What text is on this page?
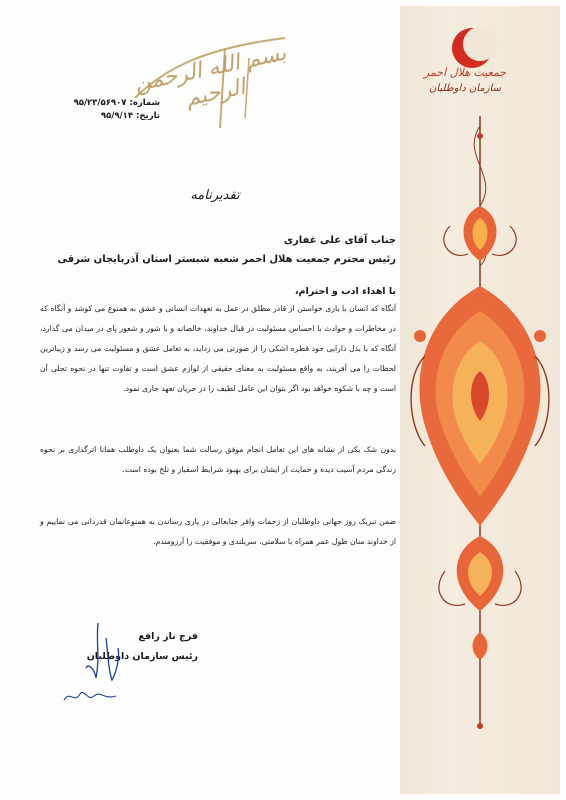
جمعیت هلال احمر
سازمان داوطلبان
بسم الله الرحمن الرحیم
شماره: ۹۵/۲۳/۵۶۹۰۷
تاریخ: ۹۵/۹/۱۴
تقدیرنامه
جناب آقای علی غفاری
رئیس محترم جمعیت هلال احمر شعبه شبستر استان آذربایجان شرقی
با اهداء ادب و احترام،
آنگاه که انسان با یاری خواستن از قادر مطلق در عمل به تعهدات انسانی و عشق به همنوع می کوشد و آنگاه که در مخاطرات و حوادث با احساس مسئولیت در قبال خداوند، خالصانه و با شور و شعور پای در میدان می گذارد، آنگاه که با بذل دارایی خود قطره اشکی را از صورتی می زداید، به تعامل عشق و مسئولیت می رسد و زیباترین لحظات را می آفریند، به واقع مسئولیت به معنای حقیقی از لوازم عشق است و تفاوت تنها در نحوه تجلی آن است و چه با شکوه خواهد بود اگر بتوان این عامل لطیف را در جریان تعهد جاری نمود.
بدون شک یکی از نشانه های این تعامل انجام موفق رسالت شما بعنوان یک داوطلب همانا اثرگذاری بر نحوه زندگی مردم آسیب دیده و حمایت از ایشان برای بهبود شرایط اسفبار و تلخ بوده است.
ضمن تبریک روز جهانی داوطلبان از زحمات وافر جنابعالی در یاری رساندن به همنوعانمان قدردانی می نماییم و از خداوند منان طول عمر همراه با سلامتی، سربلندی و موفقیت را آرزومندم.
فرج ناز رافع
رئیس سازمان داوطلبان
